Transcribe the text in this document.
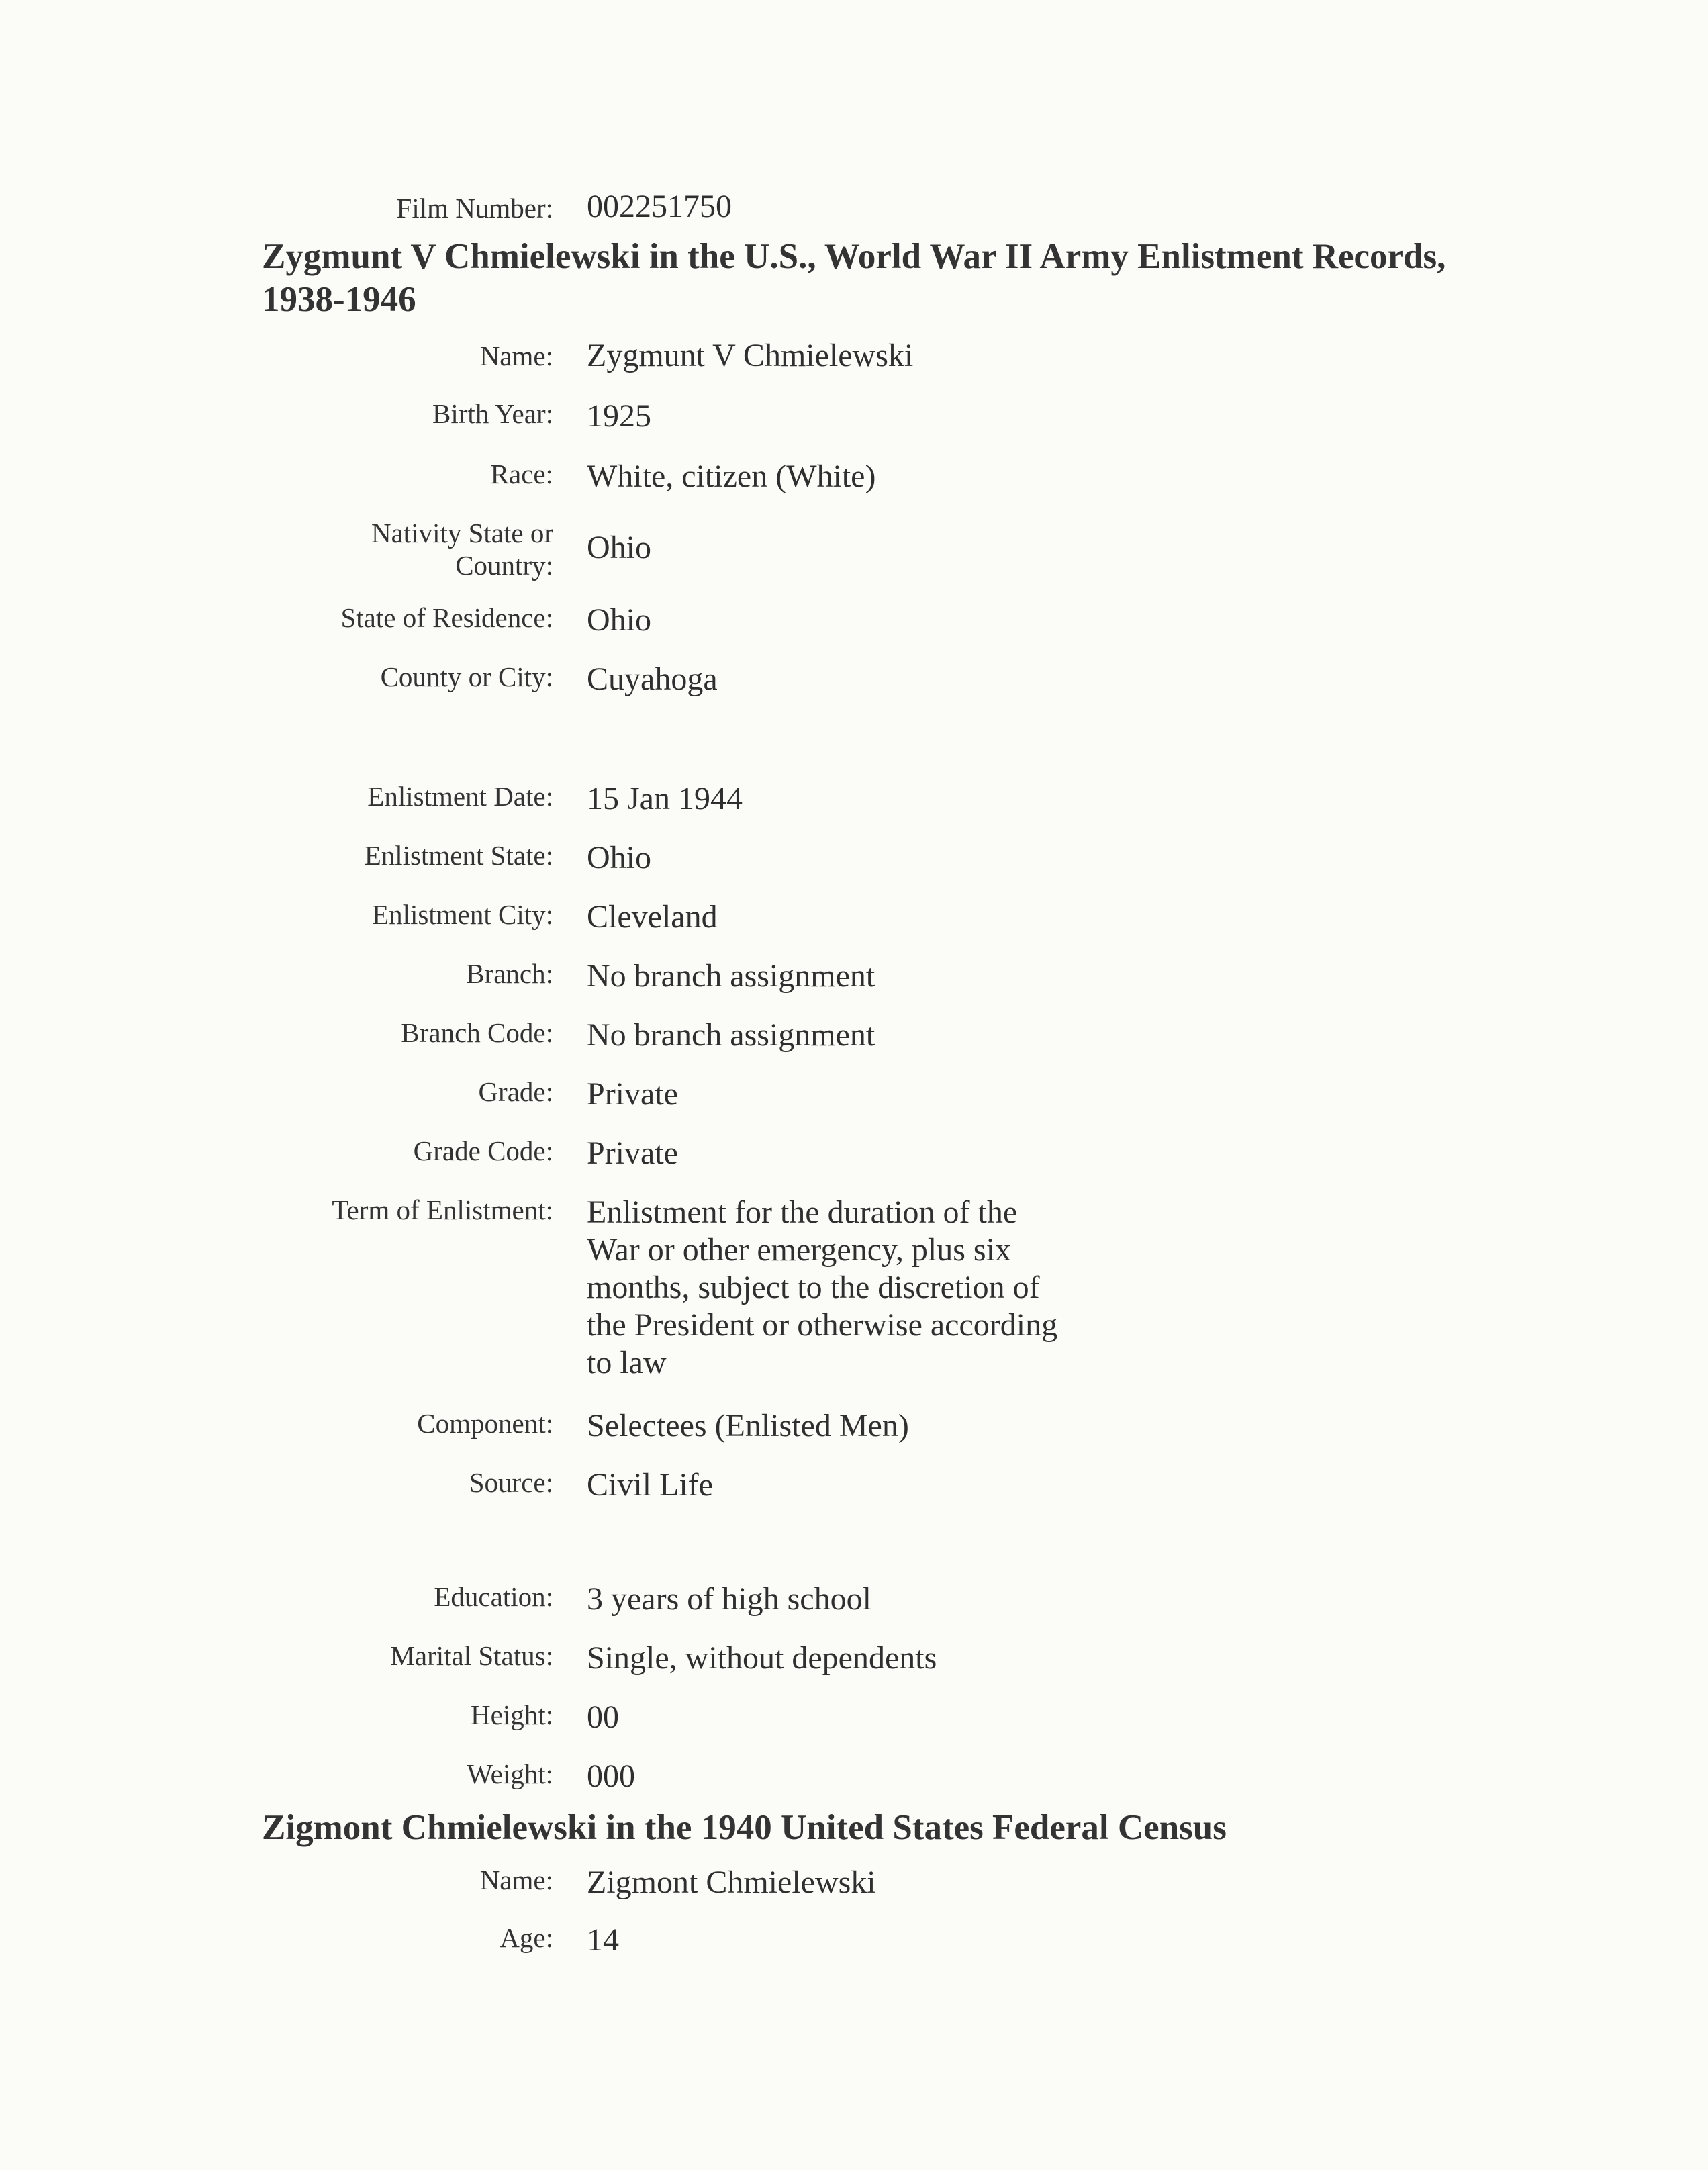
Film Number: 002251750
Zygmunt V Chmielewski in the U.S., World War II Army Enlistment Records, 1938-1946
Name: Zygmunt V Chmielewski
Birth Year: 1925
Race: White, citizen (White)
Nativity State or Country: Ohio
State of Residence: Ohio
County or City: Cuyahoga
Enlistment Date: 15 Jan 1944
Enlistment State: Ohio
Enlistment City: Cleveland
Branch: No branch assignment
Branch Code: No branch assignment
Grade: Private
Grade Code: Private
Term of Enlistment: Enlistment for the duration of the War or other emergency, plus six months, subject to the discretion of the President or otherwise according to law
Component: Selectees (Enlisted Men)
Source: Civil Life
Education: 3 years of high school
Marital Status: Single, without dependents
Height: 00
Weight: 000
Zigmont Chmielewski in the 1940 United States Federal Census
Name: Zigmont Chmielewski
Age: 14
